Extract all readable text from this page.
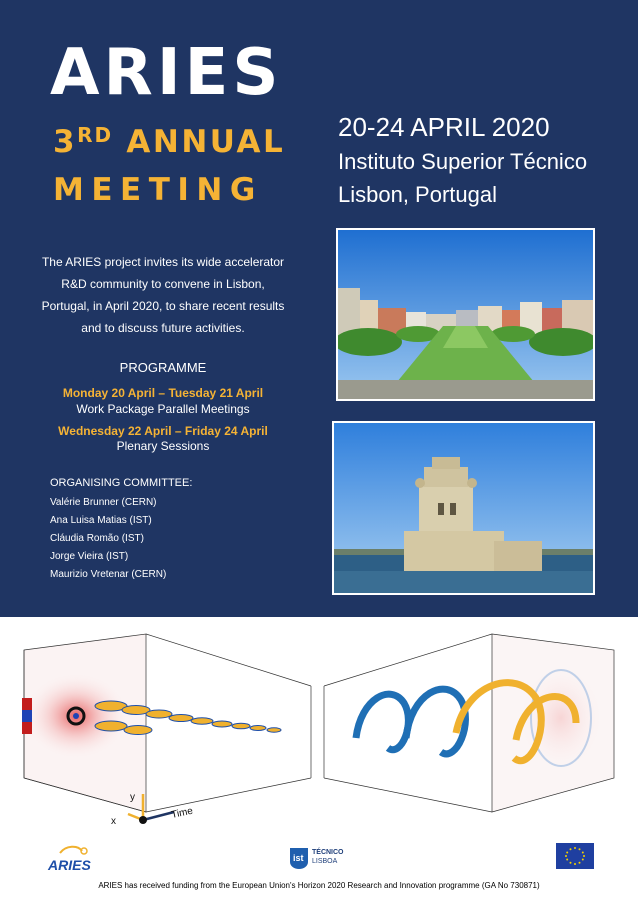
ARIES
3RD ANNUAL
MEETING
20-24 APRIL 2020
Instituto Superior Técnico
Lisbon, Portugal
The ARIES project invites its wide accelerator R&D community to convene in Lisbon, Portugal, in April 2020, to share recent results and to discuss future activities.
PROGRAMME
Monday 20 April – Tuesday 21 April
Work Package Parallel Meetings
Wednesday 22 April – Friday 24 April
Plenary Sessions
ORGANISING COMMITTEE:
Valérie Brunner (CERN)
Ana Luisa Matias (IST)
Cláudia Romão (IST)
Jorge Vieira (IST)
Maurizio Vretenar (CERN)
y
x
Time
ARIES	ist
TÉCNICO
LISBOA
ARIES has received funding from the European Union's Horizon 2020 Research and Innovation programme (GA No 730871)
